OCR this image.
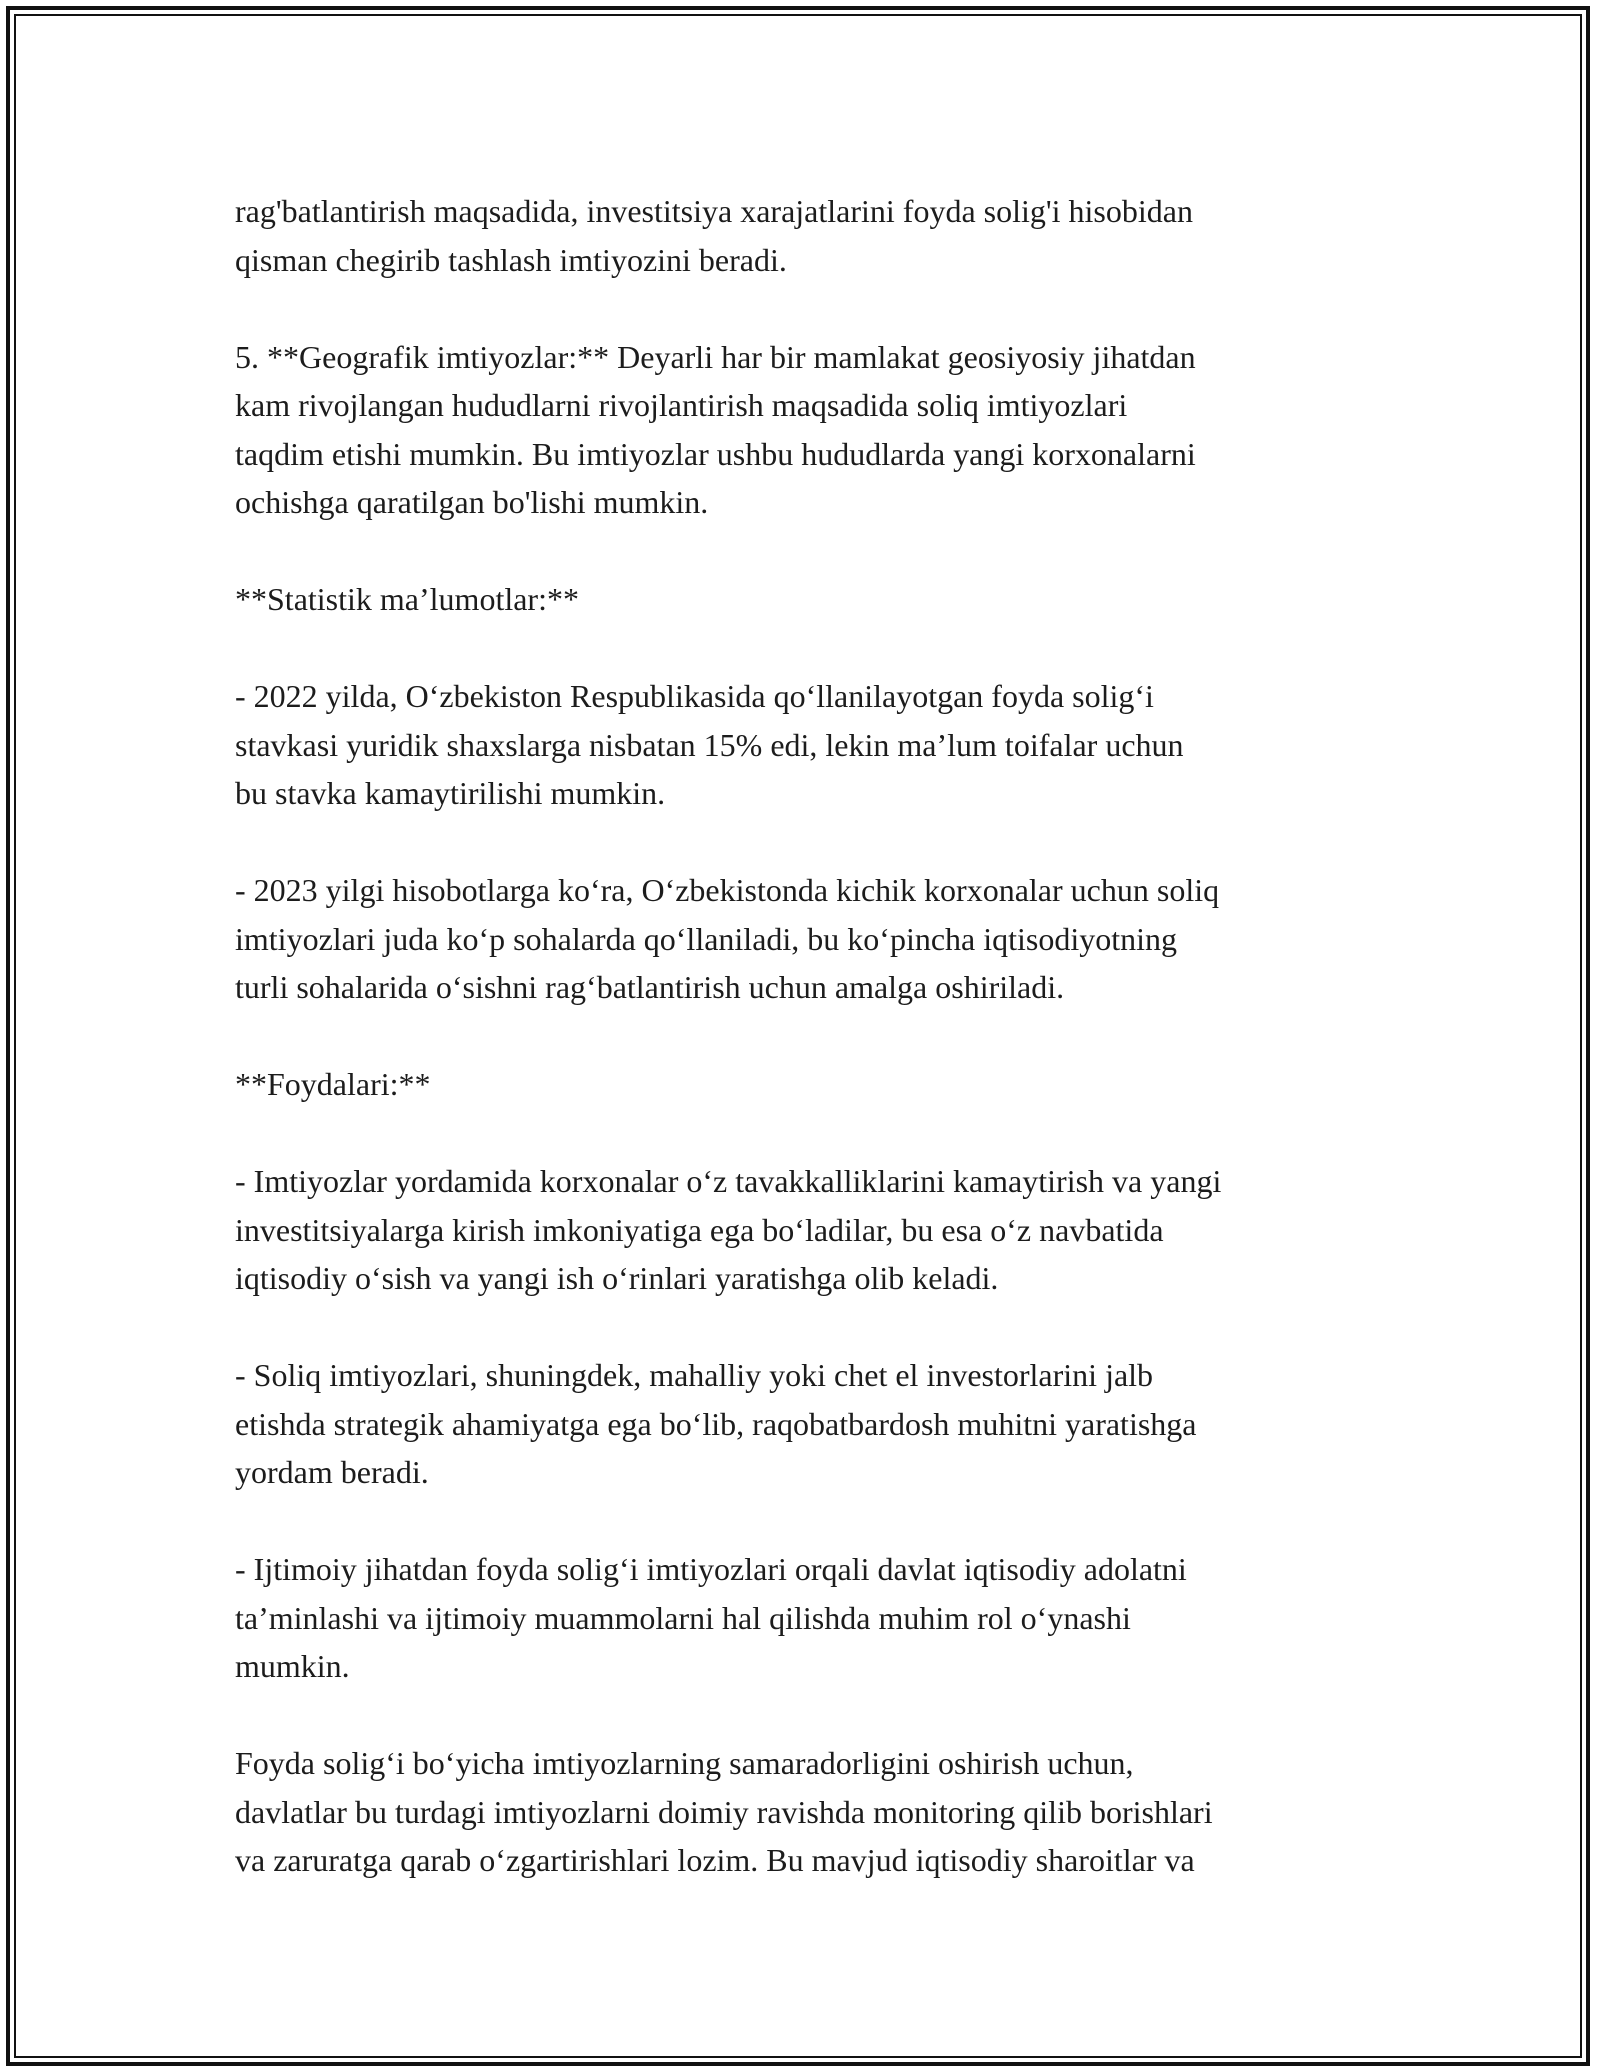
rag'batlantirish maqsadida, investitsiya xarajatlarini foyda solig'i hisobidan
qisman chegirib tashlash imtiyozini beradi.

5. **Geografik imtiyozlar:** Deyarli har bir mamlakat geosiyosiy jihatdan
kam rivojlangan hududlarni rivojlantirish maqsadida soliq imtiyozlari
taqdim etishi mumkin. Bu imtiyozlar ushbu hududlarda yangi korxonalarni
ochishga qaratilgan bo'lishi mumkin.

**Statistik ma’lumotlar:**

- 2022 yilda, O‘zbekiston Respublikasida qo‘llanilayotgan foyda solig‘i
stavkasi yuridik shaxslarga nisbatan 15% edi, lekin ma’lum toifalar uchun
bu stavka kamaytirilishi mumkin.

- 2023 yilgi hisobotlarga ko‘ra, O‘zbekistonda kichik korxonalar uchun soliq
imtiyozlari juda ko‘p sohalarda qo‘llaniladi, bu ko‘pincha iqtisodiyotning
turli sohalarida o‘sishni rag‘batlantirish uchun amalga oshiriladi.

**Foydalari:**

- Imtiyozlar yordamida korxonalar o‘z tavakkalliklarini kamaytirish va yangi
investitsiyalarga kirish imkoniyatiga ega bo‘ladilar, bu esa o‘z navbatida
iqtisodiy o‘sish va yangi ish o‘rinlari yaratishga olib keladi.

- Soliq imtiyozlari, shuningdek, mahalliy yoki chet el investorlarini jalb
etishda strategik ahamiyatga ega bo‘lib, raqobatbardosh muhitni yaratishga
yordam beradi.

- Ijtimoiy jihatdan foyda solig‘i imtiyozlari orqali davlat iqtisodiy adolatni
ta’minlashi va ijtimoiy muammolarni hal qilishda muhim rol o‘ynashi
mumkin.

Foyda solig‘i bo‘yicha imtiyozlarning samaradorligini oshirish uchun,
davlatlar bu turdagi imtiyozlarni doimiy ravishda monitoring qilib borishlari
va zaruratga qarab o‘zgartirishlari lozim. Bu mavjud iqtisodiy sharoitlar va
